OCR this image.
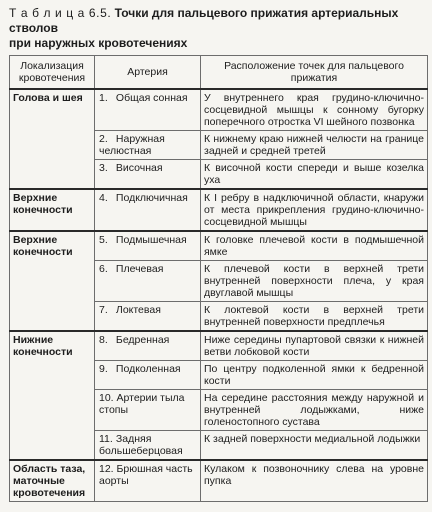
Т а б л и ц а 6.5. Точки для пальцевого прижатия артериальных стволов
при наружных кровотечениях
Локализация кровотечения	Артерия	Расположение точек для пальцевого прижатия
Голова и шея	1. Общая сонная	У внутреннего края грудино-ключично-сосцевидной мышцы к сонному бугорку поперечного отростка VI шейного позвонка
	2. Наружная челюстная	К нижнему краю нижней челюсти на границе задней и средней третей
	3. Височная	К височной кости спереди и выше козелка уха
Верхние конечности	4. Подключичная	К I ребру в надключичной области, кнаружи от места прикрепления грудино-ключично-сосцевидной мышцы
Верхние конечности	5. Подмышечная	К головке плечевой кости в подмышечной ямке
	6. Плечевая	К плечевой кости в верхней трети внутренней поверхности плеча, у края двуглавой мышцы
	7. Локтевая	К локтевой кости в верхней трети внутренней поверхности предплечья
Нижние конечности	8. Бедренная	Ниже середины пупартовой связки к нижней ветви лобковой кости
	9. Подколенная	По центру подколенной ямки к бедренной кости
	10. Артерии тыла стопы	На середине расстояния между наружной и внутренней лодыжками, ниже голеностопного сустава
	11. Задняя большеберцовая	К задней поверхности медиальной лодыжки
Область таза, маточные кровотечения	12. Брюшная часть аорты	Кулаком к позвоночнику слева на уровне пупка
